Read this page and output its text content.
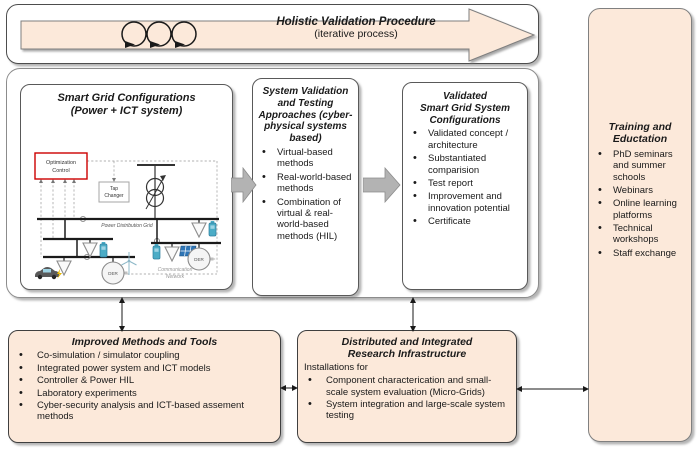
Holistic Validation Procedure
(iterative process)
Smart Grid Configurations
(Power + ICT system)
Optimization
Control
Tap
Changer
Power Distribution Grid
DER
DER
Communication
Network
System Validation and Testing Approaches (cyber-physical systems based)
• Virtual-based methods
• Real-world-based methods
• Combination of virtual & real-world-based methods (HIL)
Validated
Smart Grid System
Configurations
• Validated concept / architecture
• Substantiated comparision
• Test report
• Improvement and innovation potential
• Certificate
Training and
Eductation
• PhD seminars and summer schools
• Webinars
• Online learning platforms
• Technical workshops
• Staff exchange
Improved Methods and Tools
• Co-simulation / simulator coupling
• Integrated power system and ICT models
• Controller & Power HIL
• Laboratory experiments
• Cyber-security analysis and ICT-based assement methods
Distributed and Integrated
Research Infrastructure
Installations for
• Component characterication and small-scale system evaluation (Micro-Grids)
• System integration and large-scale system testing
